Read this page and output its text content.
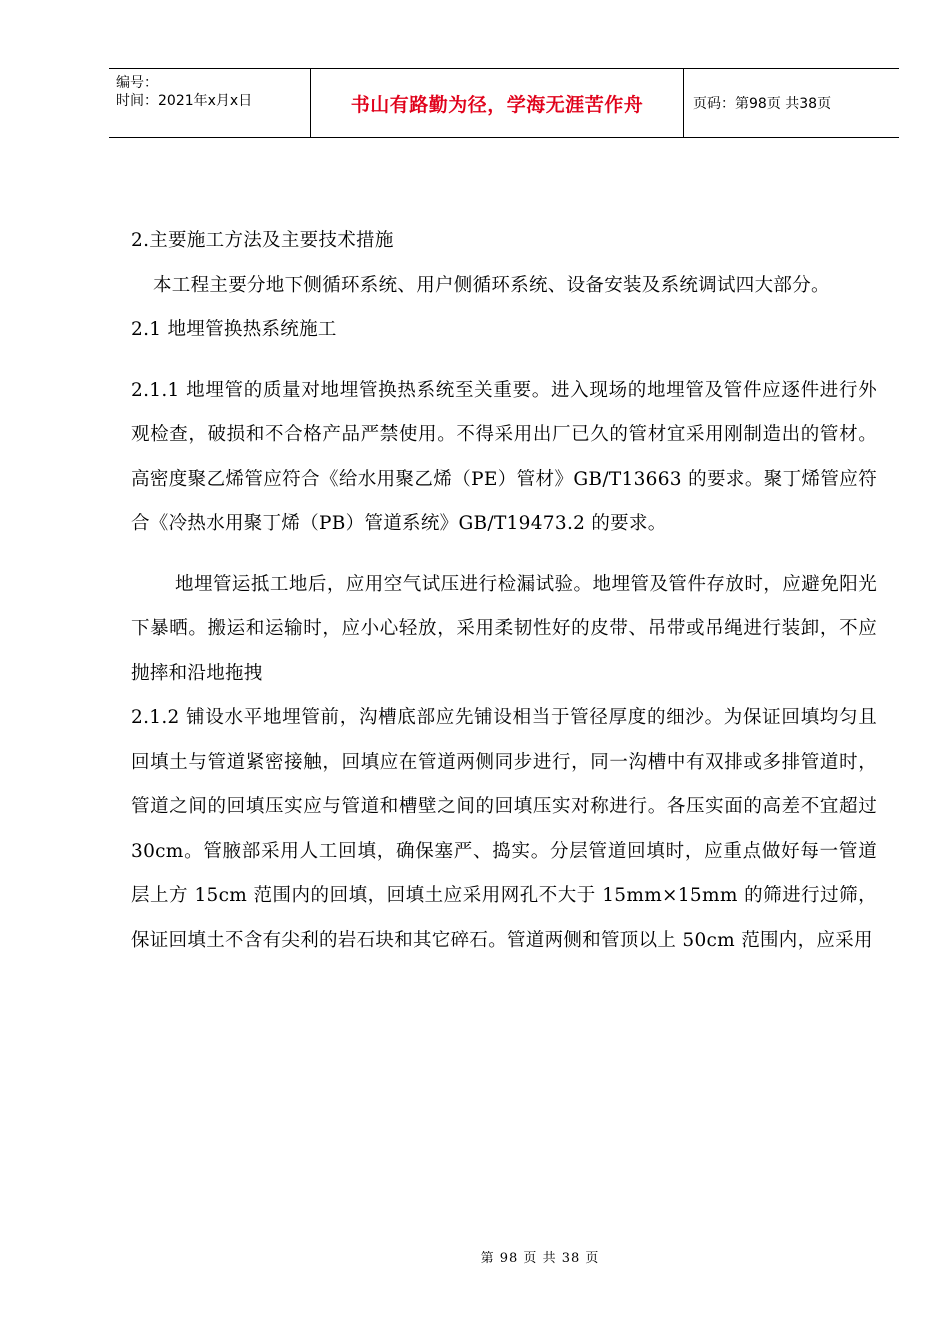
编号：
时间：2021年x月x日	书山有路勤为径，学海无涯苦作舟	页码：第98页 共38页

2.主要施工方法及主要技术措施

本工程主要分地下侧循环系统、用户侧循环系统、设备安装及系统调试四大部分。

2.1 地埋管换热系统施工

2.1.1 地埋管的质量对地埋管换热系统至关重要。进入现场的地埋管及管件应逐件进行外观检查，破损和不合格产品严禁使用。不得采用出厂已久的管材宜采用刚制造出的管材。高密度聚乙烯管应符合《给水用聚乙烯（PE）管材》GB/T13663 的要求。聚丁烯管应符合《冷热水用聚丁烯（PB）管道系统》GB/T19473.2 的要求。

地埋管运抵工地后，应用空气试压进行检漏试验。地埋管及管件存放时，应避免阳光下暴晒。搬运和运输时，应小心轻放，采用柔韧性好的皮带、吊带或吊绳进行装卸，不应抛摔和沿地拖拽

2.1.2 铺设水平地埋管前，沟槽底部应先铺设相当于管径厚度的细沙。为保证回填均匀且回填土与管道紧密接触，回填应在管道两侧同步进行，同一沟槽中有双排或多排管道时，管道之间的回填压实应与管道和槽壁之间的回填压实对称进行。各压实面的高差不宜超过 30cm。管腋部采用人工回填，确保塞严、捣实。分层管道回填时，应重点做好每一管道层上方 15cm 范围内的回填，回填土应采用网孔不大于 15mm×15mm 的筛进行过筛，保证回填土不含有尖利的岩石块和其它碎石。管道两侧和管顶以上 50cm 范围内，应采用

第 98 页 共 38 页
